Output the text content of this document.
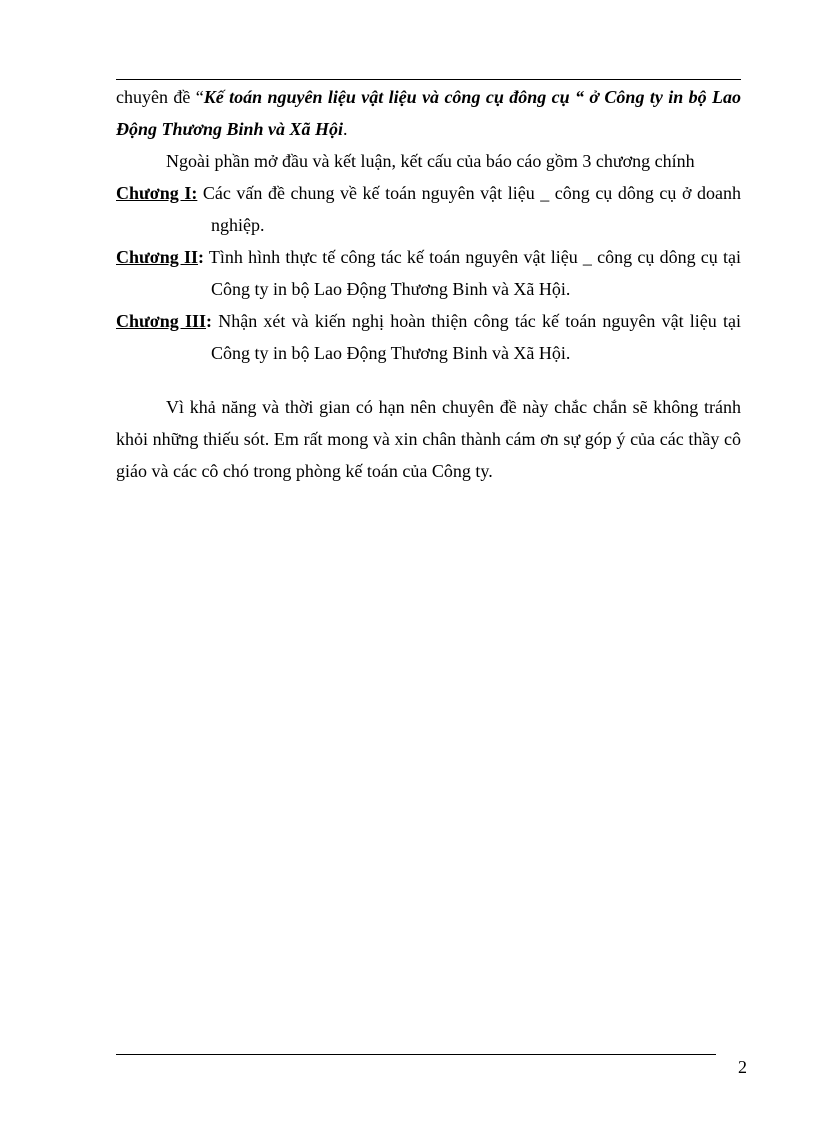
chuyên đề “Kế toán nguyên liệu vật liệu và công cụ đông cụ “ ở Công ty in bộ Lao Động Thương Binh và Xã Hội.

Ngoài phần mở đầu và kết luận, kết cấu của báo cáo gồm 3 chương chính

Chương I: Các vấn đề chung về kế toán nguyên vật liệu _ công cụ dông cụ ở doanh nghiệp.

Chương II: Tình hình thực tế công tác kế toán nguyên vật liệu _ công cụ dông cụ tại Công ty in bộ Lao Động Thương Binh và Xã Hội.

Chương III: Nhận xét và kiến nghị hoàn thiện công tác kế toán nguyên vật liệu tại Công ty in bộ Lao Động Thương Binh và Xã Hội.

Vì khả năng và thời gian có hạn nên chuyên đề này chắc chắn sẽ không tránh khỏi những thiếu sót. Em rất mong và xin chân thành cám ơn sự góp ý của các thầy cô giáo và các cô chó trong phòng kế toán của Công ty.

2
